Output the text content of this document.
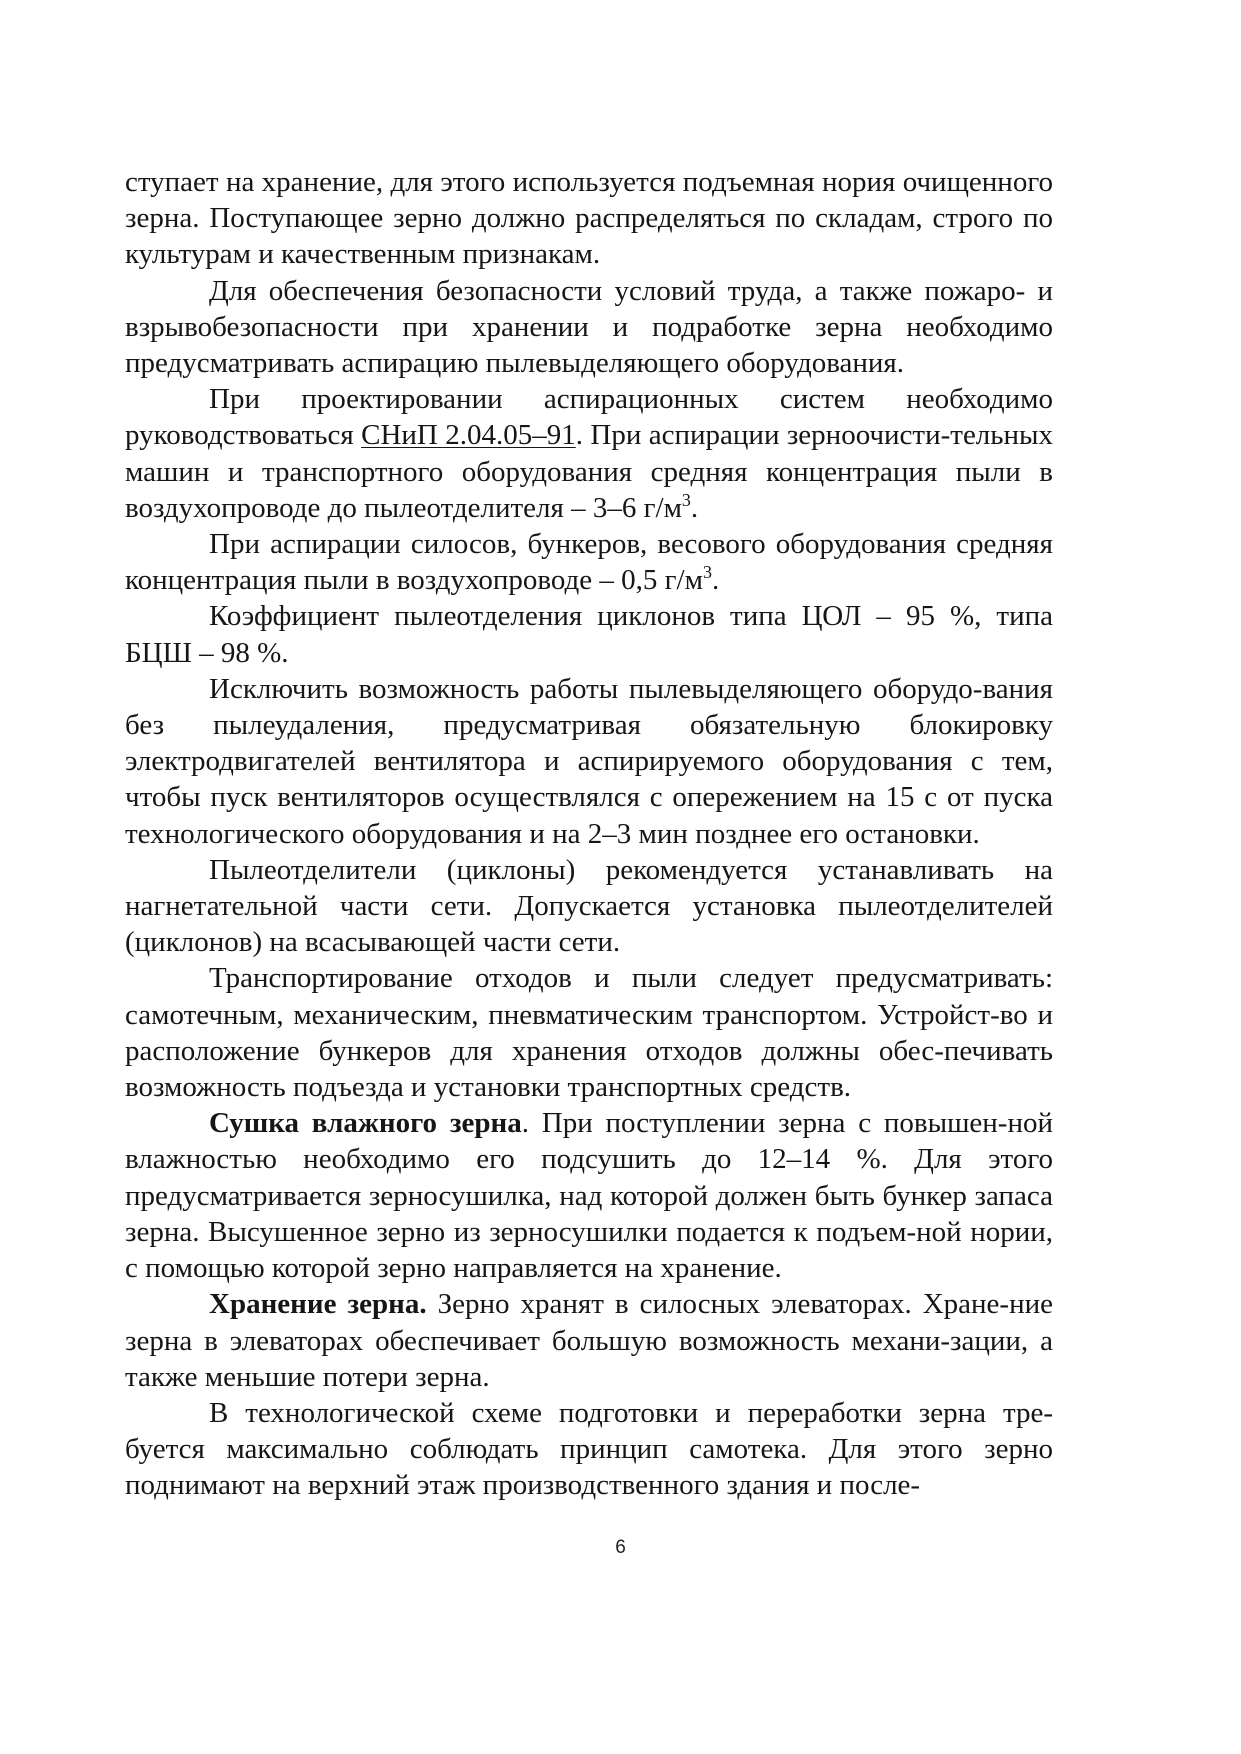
ступает на хранение, для этого используется подъемная нория очищенного зерна. Поступающее зерно должно распределяться по складам, строго по культурам и качественным признакам.

Для обеспечения безопасности условий труда, а также пожаро- и взрывобезопасности при хранении и подработке зерна необходимо предусматривать аспирацию пылевыделяющего оборудования.

При проектировании аспирационных систем необходимо руководствоваться СНиП 2.04.05–91. При аспирации зерноочисти-тельных машин и транспортного оборудования средняя концентрация пыли в воздухопроводе до пылеотделителя – 3–6 $г/м^3$.

При аспирации силосов, бункеров, весового оборудования средняя концентрация пыли в воздухопроводе – 0,5 $г/м^3$.

Коэффициент пылеотделения циклонов типа ЦОЛ – 95 %, типа БЦШ – 98 %.

Исключить возможность работы пылевыделяющего оборудо-вания без пылеудаления, предусматривая обязательную блокировку электродвигателей вентилятора и аспирируемого оборудования с тем, чтобы пуск вентиляторов осуществлялся с опережением на 15 с от пуска технологического оборудования и на 2–3 мин позднее его остановки.

Пылеотделители (циклоны) рекомендуется устанавливать на нагнетательной части сети. Допускается установка пылеотделителей (циклонов) на всасывающей части сети.

Транспортирование отходов и пыли следует предусматривать: самотечным, механическим, пневматическим транспортом. Устройст-во и расположение бункеров для хранения отходов должны обес-печивать возможность подъезда и установки транспортных средств.

Сушка влажного зерна. При поступлении зерна с повышен-ной влажностью необходимо его подсушить до 12–14 %. Для этого предусматривается зерносушилка, над которой должен быть бункер запаса зерна. Высушенное зерно из зерносушилки подается к подъем-ной нории, с помощью которой зерно направляется на хранение.

Хранение зерна. Зерно хранят в силосных элеваторах. Хране-ние зерна в элеваторах обеспечивает большую возможность механи-зации, а также меньшие потери зерна.

В технологической схеме подготовки и переработки зерна тре-буется максимально соблюдать принцип самотека. Для этого зерно поднимают на верхний этаж производственного здания и после-

6
